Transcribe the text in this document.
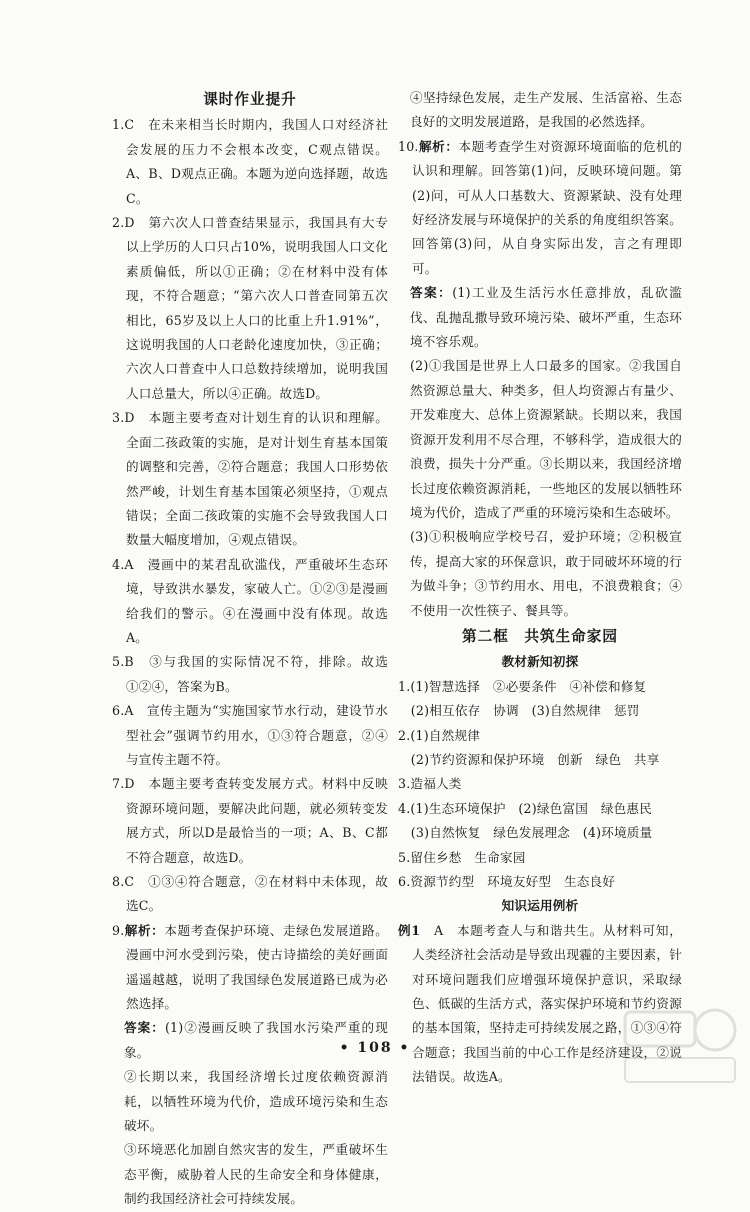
课时作业提升

1.C　在未来相当长时期内，我国人口对经济社会发展的压力不会根本改变，C观点错误。A、B、D观点正确。本题为逆向选择题，故选C。

2.D　第六次人口普查结果显示，我国具有大专以上学历的人口只占10%，说明我国人口文化素质偏低，所以①正确；②在材料中没有体现，不符合题意；“第六次人口普查同第五次相比，65岁及以上人口的比重上升1.91%”，这说明我国的人口老龄化速度加快，③正确；六次人口普查中人口总数持续增加，说明我国人口总量大，所以④正确。故选D。

3.D　本题主要考查对计划生育的认识和理解。全面二孩政策的实施，是对计划生育基本国策的调整和完善，②符合题意；我国人口形势依然严峻，计划生育基本国策必须坚持，①观点错误；全面二孩政策的实施不会导致我国人口数量大幅度增加，④观点错误。

4.A　漫画中的某君乱砍滥伐，严重破坏生态环境，导致洪水暴发，家破人亡。①②③是漫画给我们的警示。④在漫画中没有体现。故选A。

5.B　③与我国的实际情况不符，排除。故选①②④，答案为B。

6.A　宣传主题为“实施国家节水行动，建设节水型社会”强调节约用水，①③符合题意，②④与宣传主题不符。

7.D　本题主要考查转变发展方式。材料中反映资源环境问题，要解决此问题，就必须转变发展方式，所以D是最恰当的一项；A、B、C都不符合题意，故选D。

8.C　①③④符合题意，②在材料中未体现，故选C。

9.解析：本题考查保护环境、走绿色发展道路。漫画中河水受到污染，使古诗描绘的美好画面遥遥越越，说明了我国绿色发展道路已成为必然选择。

答案：(1)②漫画反映了我国水污染严重的现象。

②长期以来，我国经济增长过度依赖资源消耗，以牺牲环境为代价，造成环境污染和生态破坏。

③环境恶化加剧自然灾害的发生，严重破坏生态平衡，威胁着人民的生命安全和身体健康，制约我国经济社会可持续发展。

④坚持绿色发展，走生产发展、生活富裕、生态良好的文明发展道路，是我国的必然选择。

10.解析：本题考查学生对资源环境面临的危机的认识和理解。回答第(1)问，反映环境问题。第(2)问，可从人口基数大、资源紧缺、没有处理好经济发展与环境保护的关系的角度组织答案。回答第(3)问，从自身实际出发，言之有理即可。

答案：(1)工业及生活污水任意排放，乱砍滥伐、乱抛乱撒导致环境污染、破坏严重，生态环境不容乐观。

(2)①我国是世界上人口最多的国家。②我国自然资源总量大、种类多，但人均资源占有量少、开发难度大、总体上资源紧缺。长期以来，我国资源开发利用不尽合理，不够科学，造成很大的浪费，损失十分严重。③长期以来，我国经济增长过度依赖资源消耗，一些地区的发展以牺牲环境为代价，造成了严重的环境污染和生态破坏。

(3)①积极响应学校号召，爱护环境；②积极宣传，提高大家的环保意识，敢于同破坏环境的行为做斗争；③节约用水、用电，不浪费粮食；④不使用一次性筷子、餐具等。

第二框　共筑生命家园

教材新知初探

1.(1)智慧选择　②必要条件　④补偿和修复

　(2)相互依存　协调　(3)自然规律　惩罚

2.(1)自然规律

　(2)节约资源和保护环境　创新　绿色　共享

3.造福人类

4.(1)生态环境保护　(2)绿色富国　绿色惠民

　(3)自然恢复　绿色发展理念　(4)环境质量

5.留住乡愁　生命家园

6.资源节约型　环境友好型　生态良好

知识运用例析

例1　A　本题考查人与和谐共生。从材料可知，人类经济社会活动是导致出现霾的主要因素，针对环境问题我们应增强环境保护意识，采取绿色、低碳的生活方式，落实保护环境和节约资源的基本国策，坚持走可持续发展之路，①③④符合题意；我国当前的中心工作是经济建设，②说法错误。故选A。

• 108 •
